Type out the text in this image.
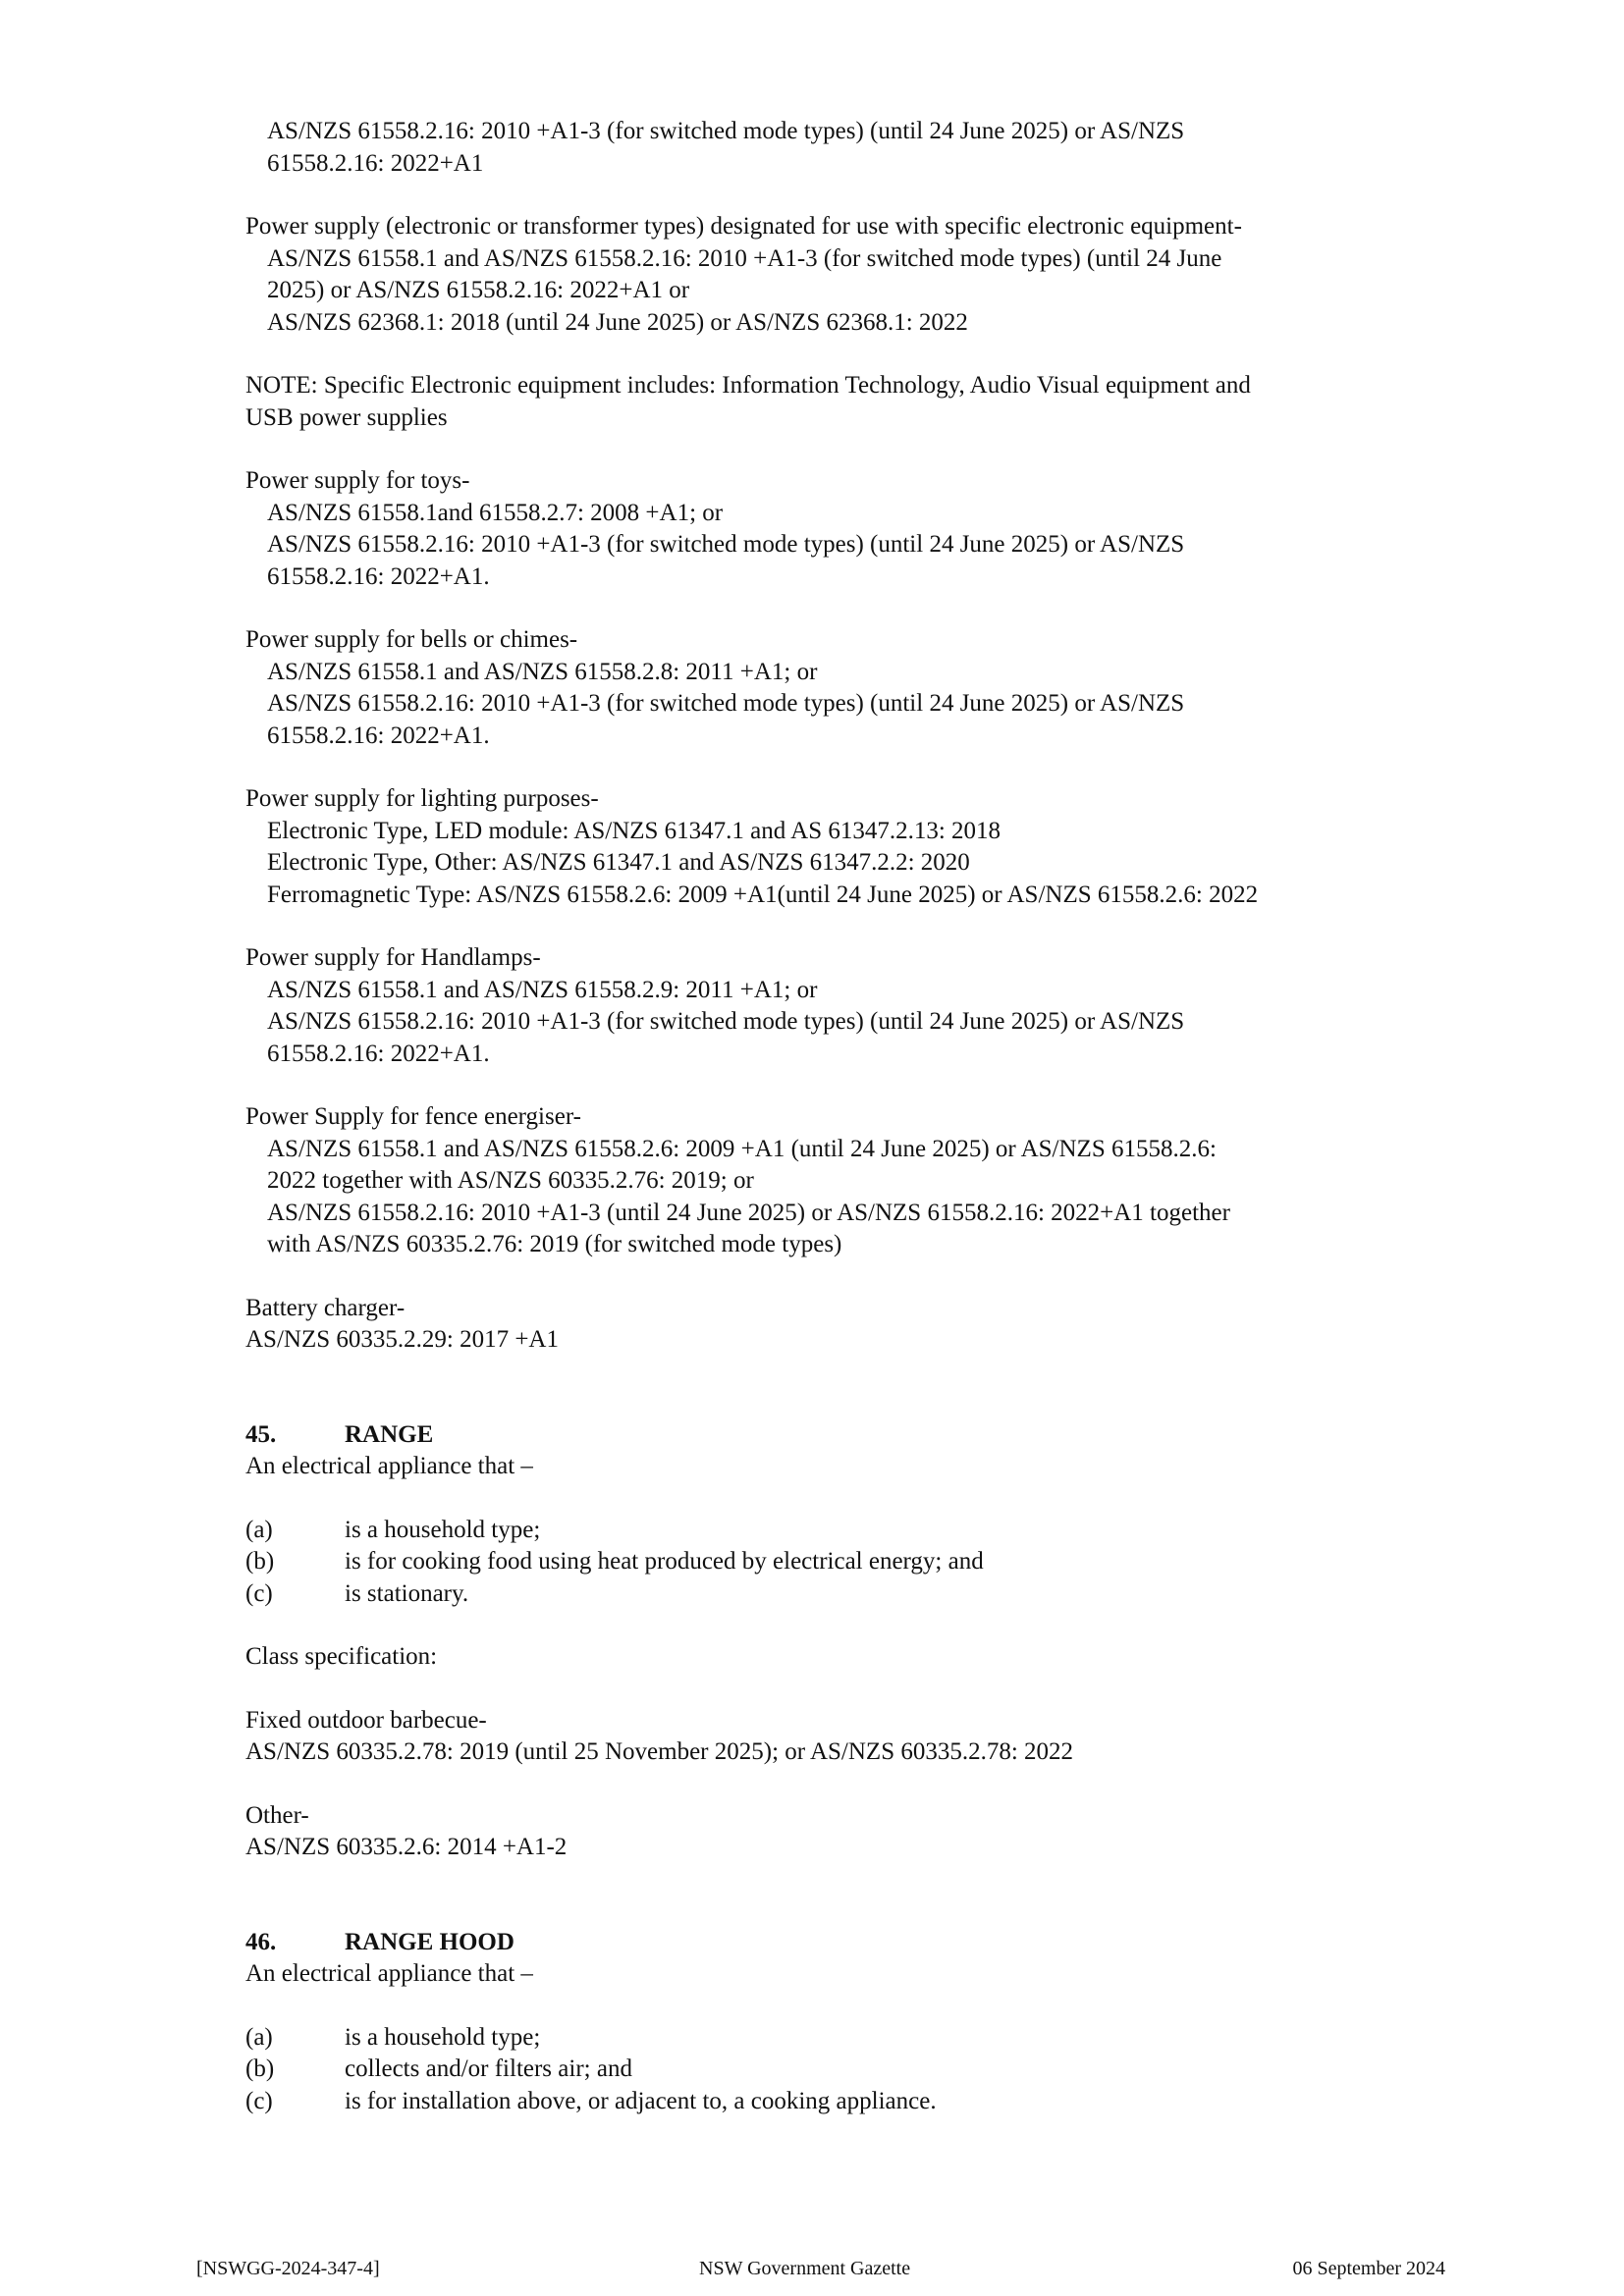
AS/NZS 61558.2.16: 2010 +A1-3 (for switched mode types) (until 24 June 2025) or AS/NZS
61558.2.16: 2022+A1
Power supply (electronic or transformer types) designated for use with specific electronic equipment-
AS/NZS 61558.1 and AS/NZS 61558.2.16: 2010 +A1-3 (for switched mode types) (until 24 June
2025) or AS/NZS 61558.2.16: 2022+A1 or
AS/NZS 62368.1: 2018 (until 24 June 2025) or AS/NZS 62368.1: 2022
NOTE: Specific Electronic equipment includes: Information Technology, Audio Visual equipment and
USB power supplies
Power supply for toys-
AS/NZS 61558.1and 61558.2.7: 2008 +A1; or
AS/NZS 61558.2.16: 2010 +A1-3 (for switched mode types) (until 24 June 2025) or AS/NZS
61558.2.16: 2022+A1.
Power supply for bells or chimes-
AS/NZS 61558.1 and AS/NZS 61558.2.8: 2011 +A1; or
AS/NZS 61558.2.16: 2010 +A1-3 (for switched mode types) (until 24 June 2025) or AS/NZS
61558.2.16: 2022+A1.
Power supply for lighting purposes-
Electronic Type, LED module: AS/NZS 61347.1 and AS 61347.2.13: 2018
Electronic Type, Other: AS/NZS 61347.1 and AS/NZS 61347.2.2: 2020
Ferromagnetic Type: AS/NZS 61558.2.6: 2009 +A1(until 24 June 2025) or AS/NZS 61558.2.6: 2022
Power supply for Handlamps-
AS/NZS 61558.1 and AS/NZS 61558.2.9: 2011 +A1; or
AS/NZS 61558.2.16: 2010 +A1-3 (for switched mode types) (until 24 June 2025) or AS/NZS
61558.2.16: 2022+A1.
Power Supply for fence energiser-
AS/NZS 61558.1 and AS/NZS 61558.2.6: 2009 +A1 (until 24 June 2025) or AS/NZS 61558.2.6:
2022 together with AS/NZS 60335.2.76: 2019; or
AS/NZS 61558.2.16: 2010 +A1-3 (until 24 June 2025) or AS/NZS 61558.2.16: 2022+A1 together
with AS/NZS 60335.2.76: 2019 (for switched mode types)
Battery charger-
AS/NZS 60335.2.29: 2017 +A1
45.	RANGE
An electrical appliance that –
(a)	is a household type;
(b)	is for cooking food using heat produced by electrical energy; and
(c)	is stationary.
Class specification:
Fixed outdoor barbecue-
AS/NZS 60335.2.78: 2019 (until 25 November 2025); or AS/NZS 60335.2.78: 2022
Other-
AS/NZS 60335.2.6: 2014 +A1-2
46.	RANGE HOOD
An electrical appliance that –
(a)	is a household type;
(b)	collects and/or filters air; and
(c)	is for installation above, or adjacent to, a cooking appliance.
[NSWGG-2024-347-4]	NSW Government Gazette	06 September 2024
